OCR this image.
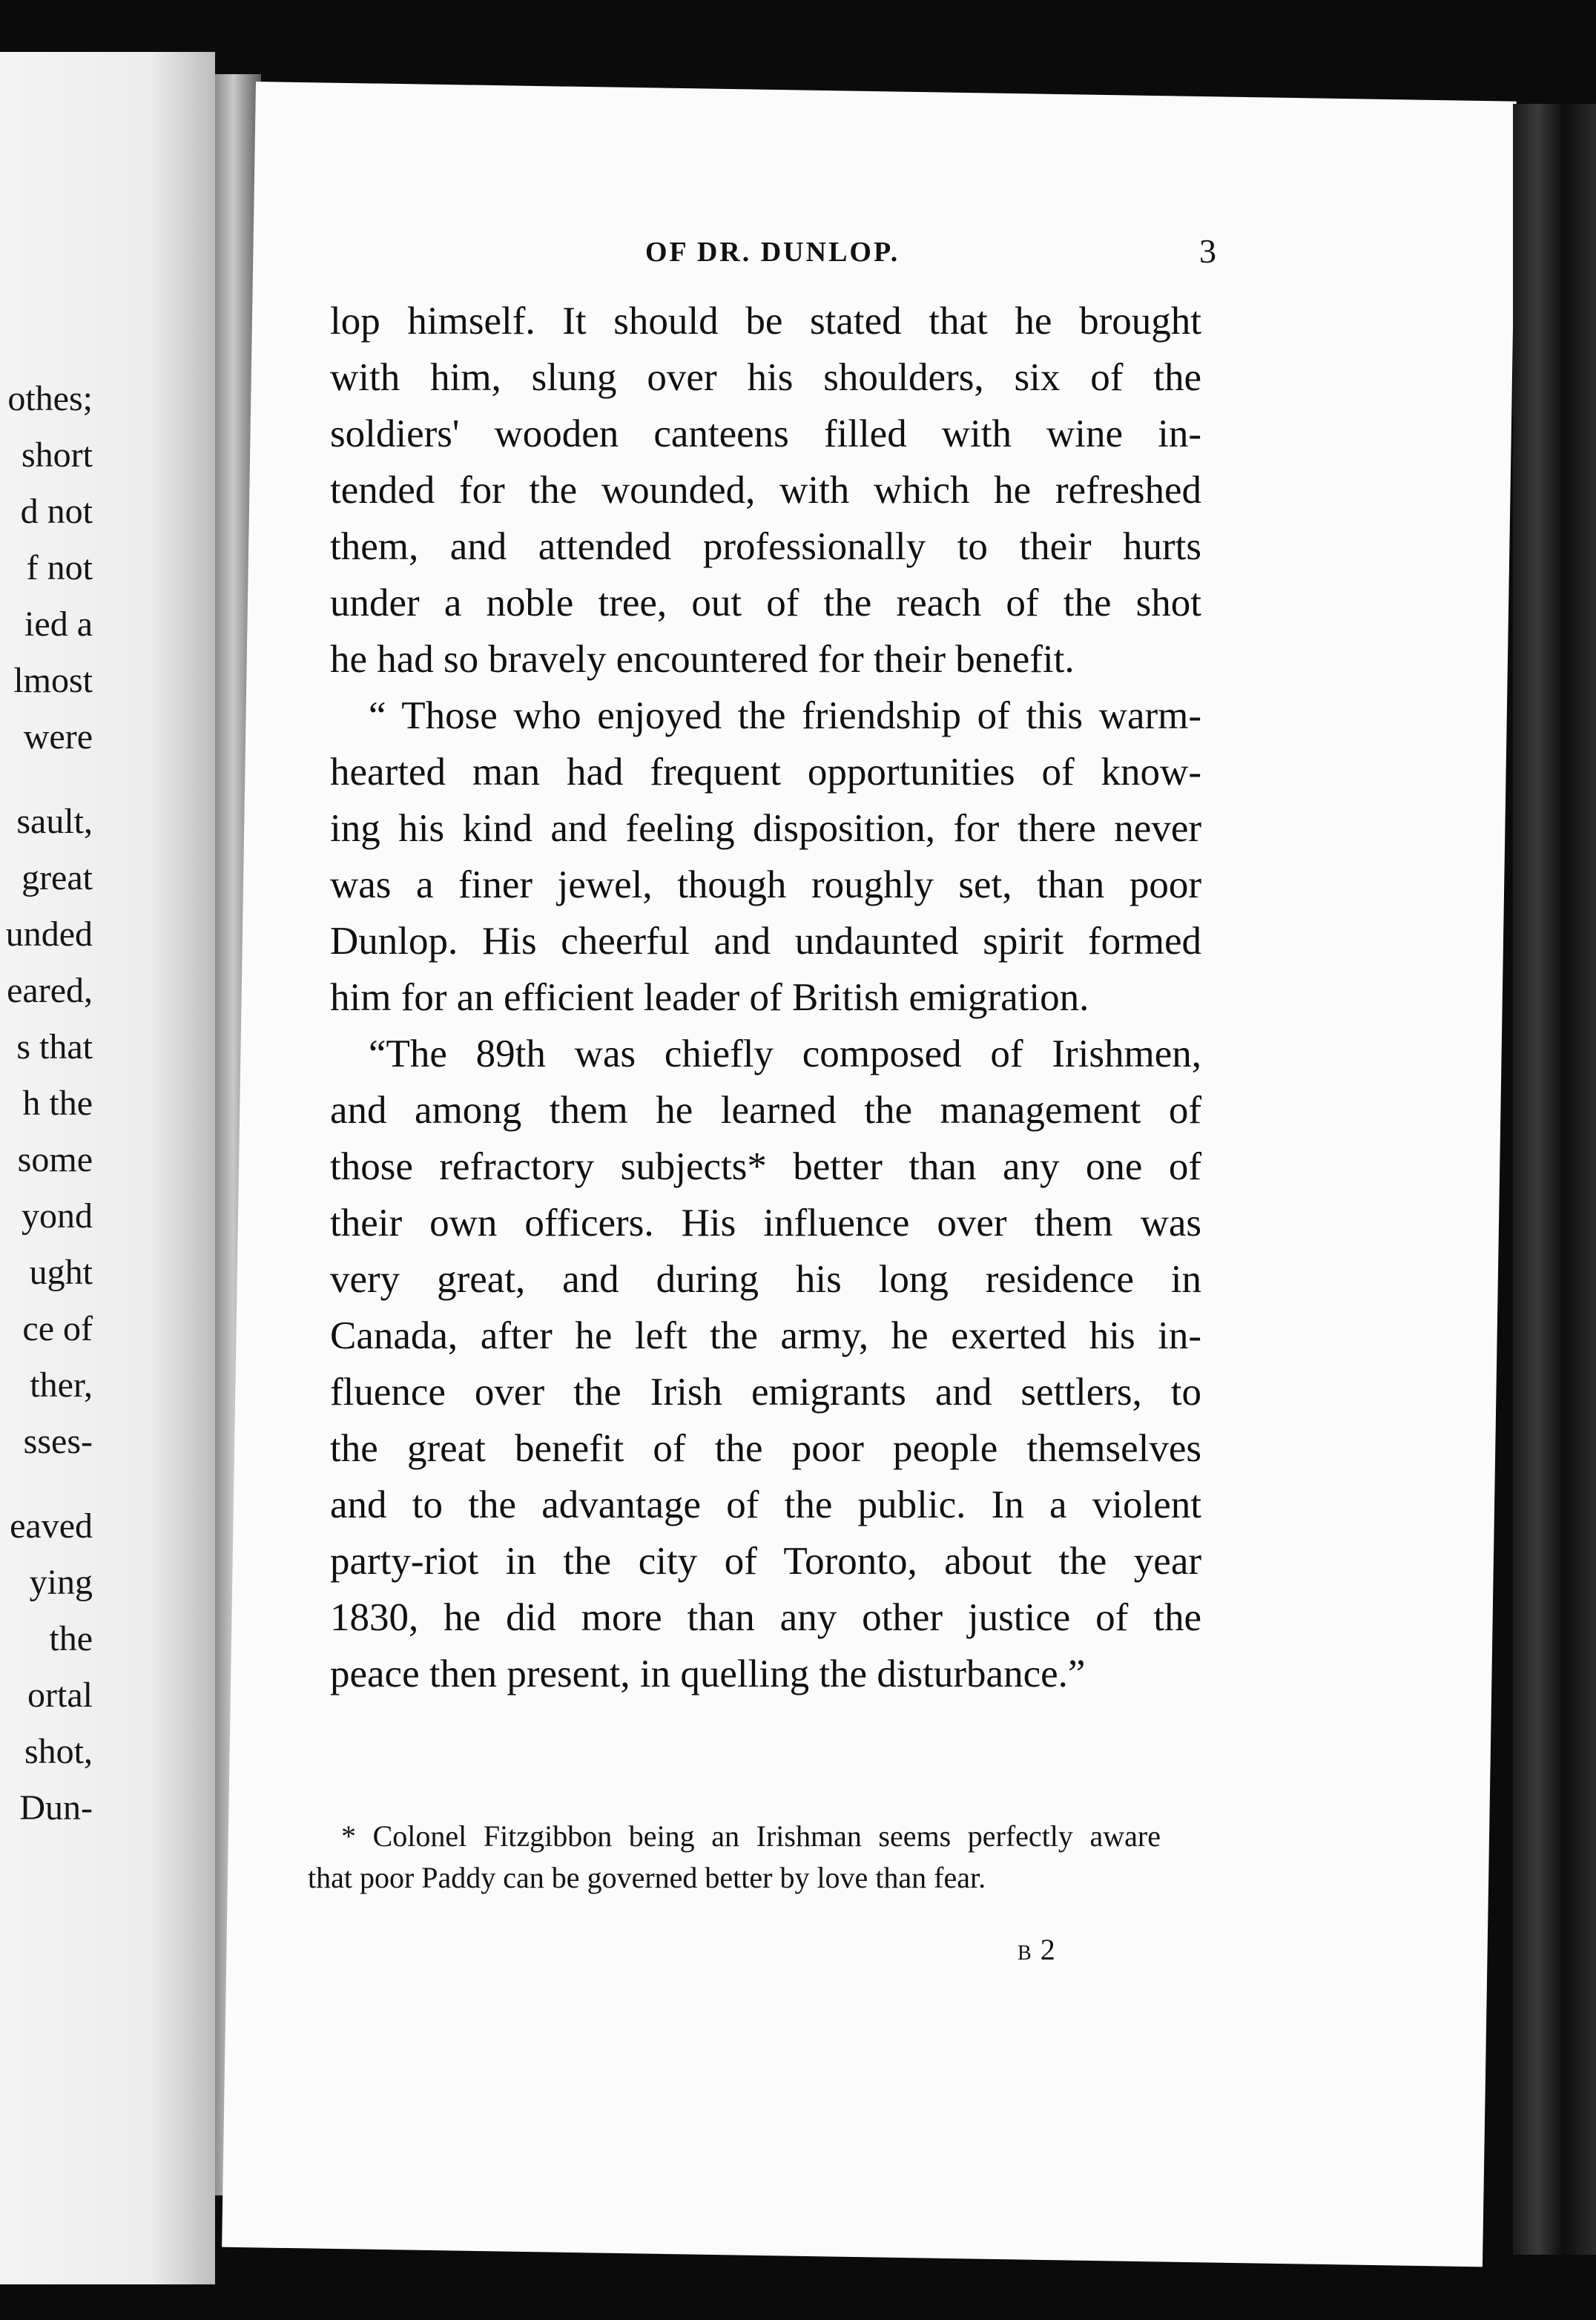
othes;
short
d not
f not
ied a
lmost
were
sault,
great
unded
eared,
s that
h the
some
yond
ught
ce of
ther,
sses-
eaved
ying
the
ortal
shot,
Dun-
OF DR. DUNLOP.	3
lop himself. It should be stated that he brought
with him, slung over his shoulders, six of the
soldiers' wooden canteens filled with wine in-
tended for the wounded, with which he refreshed
them, and attended professionally to their hurts
under a noble tree, out of the reach of the shot
he had so bravely encountered for their benefit.
“ Those who enjoyed the friendship of this warm-
hearted man had frequent opportunities of know-
ing his kind and feeling disposition, for there never
was a finer jewel, though roughly set, than poor
Dunlop. His cheerful and undaunted spirit formed
him for an efficient leader of British emigration.
“The 89th was chiefly composed of Irishmen,
and among them he learned the management of
those refractory subjects* better than any one of
their own officers. His influence over them was
very great, and during his long residence in
Canada, after he left the army, he exerted his in-
fluence over the Irish emigrants and settlers, to
the great benefit of the poor people themselves
and to the advantage of the public. In a violent
party-riot in the city of Toronto, about the year
1830, he did more than any other justice of the
peace then present, in quelling the disturbance.”
* Colonel Fitzgibbon being an Irishman seems perfectly aware
that poor Paddy can be governed better by love than fear.
B 2
